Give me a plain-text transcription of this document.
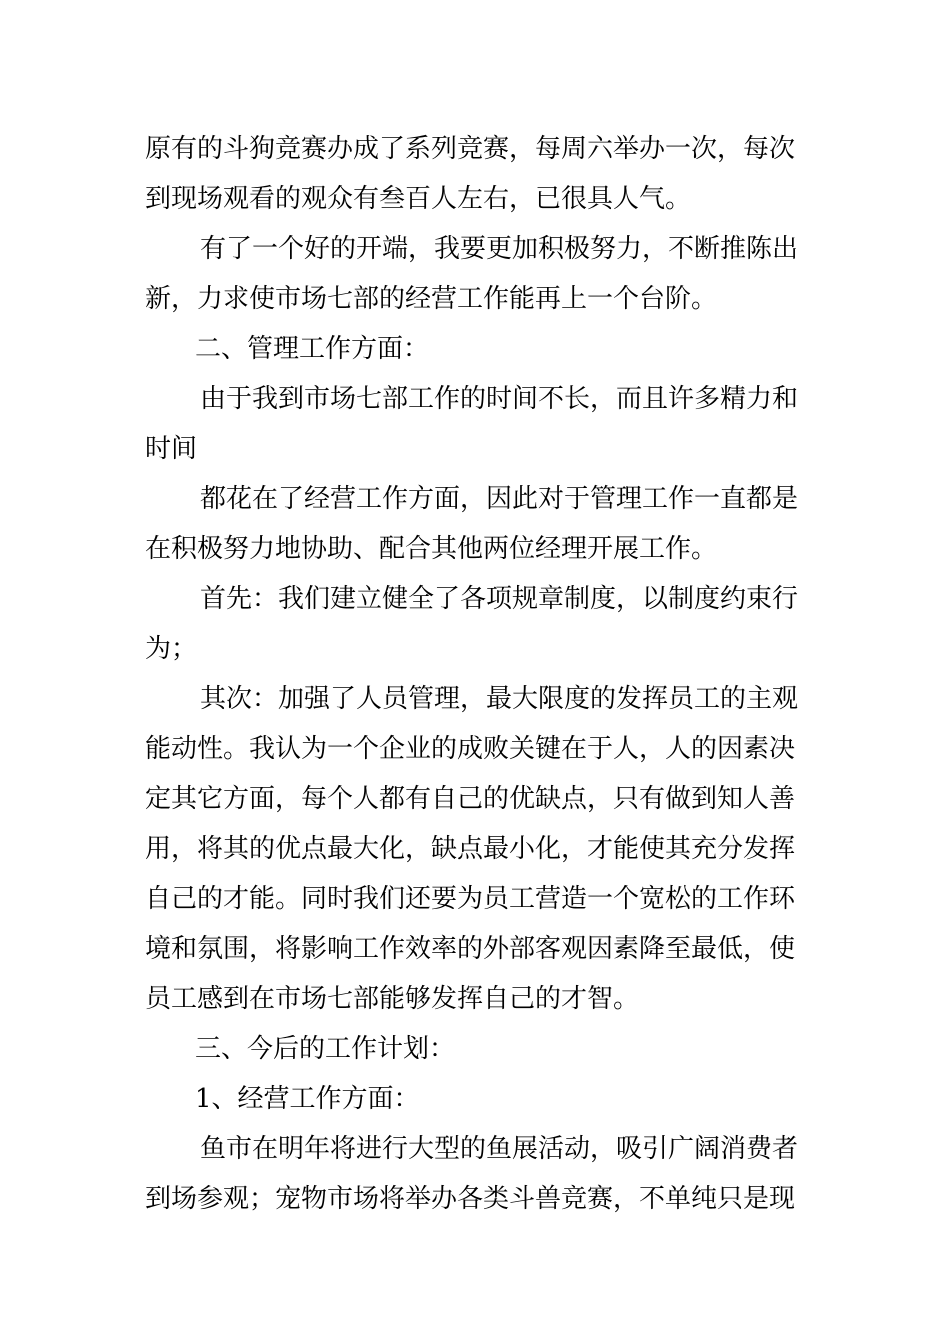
原有的斗狗竞赛办成了系列竞赛，每周六举办一次，每次
到现场观看的观众有叁百人左右，已很具人气。
有了一个好的开端，我要更加积极努力，不断推陈出
新，力求使市场七部的经营工作能再上一个台阶。
二、管理工作方面：
由于我到市场七部工作的时间不长，而且许多精力和
时间
都花在了经营工作方面，因此对于管理工作一直都是
在积极努力地协助、配合其他两位经理开展工作。
首先：我们建立健全了各项规章制度，以制度约束行
为；
其次：加强了人员管理，最大限度的发挥员工的主观
能动性。我认为一个企业的成败关键在于人，人的因素决
定其它方面，每个人都有自己的优缺点，只有做到知人善
用，将其的优点最大化，缺点最小化，才能使其充分发挥
自己的才能。同时我们还要为员工营造一个宽松的工作环
境和氛围，将影响工作效率的外部客观因素降至最低，使
员工感到在市场七部能够发挥自己的才智。
三、今后的工作计划：
1、经营工作方面：
鱼市在明年将进行大型的鱼展活动，吸引广阔消费者
到场参观；宠物市场将举办各类斗兽竞赛，不单纯只是现
